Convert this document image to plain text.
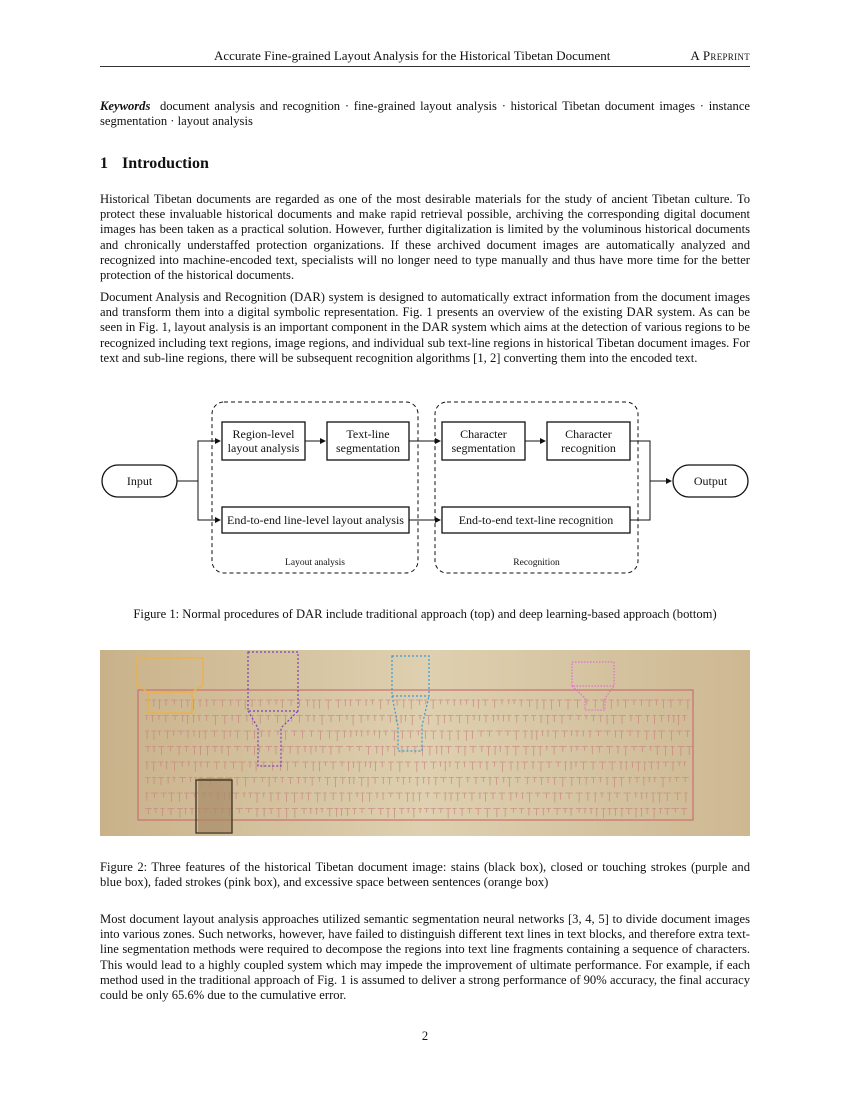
Accurate Fine-grained Layout Analysis for the Historical Tibetan Document	A Preprint

Keywords document analysis and recognition · fine-grained layout analysis · historical Tibetan document images · instance segmentation · layout analysis

1 Introduction

Historical Tibetan documents are regarded as one of the most desirable materials for the study of ancient Tibetan culture. To protect these invaluable historical documents and make rapid retrieval possible, archiving the corresponding digital document images has been taken as a practical solution. However, further digitalization is limited by the voluminous historical documents and chronically understaffed protection organizations. If these archived document images are automatically analyzed and recognized into machine-encoded text, specialists will no longer need to type manually and thus have more time for the better protection of the historical documents.

Document Analysis and Recognition (DAR) system is designed to automatically extract information from the document images and transform them into a digital symbolic representation. Fig. 1 presents an overview of the existing DAR system. As can be seen in Fig. 1, layout analysis is an important component in the DAR system which aims at the detection of various regions to be recognized including text regions, image regions, and individual sub text-line regions in historical Tibetan document images. For text and sub-line regions, there will be subsequent recognition algorithms [1, 2] converting them into the encoded text.

Input	Output
Region-level
layout analysis
Text-line
segmentation
Character
segmentation
Character
recognition
End-to-end line-level layout analysis	End-to-end text-line recognition
Layout analysis	Recognition
Figure 1: Normal procedures of DAR include traditional approach (top) and deep learning-based approach (bottom)
Figure 2: Three features of the historical Tibetan document image: stains (black box), closed or touching strokes (purple and blue box), faded strokes (pink box), and excessive space between sentences (orange box)

Most document layout analysis approaches utilized semantic segmentation neural networks [3, 4, 5] to divide document images into various zones. Such networks, however, have failed to distinguish different text lines in text blocks, and therefore extra text-line segmentation methods were required to decompose the regions into text line fragments containing a sequence of characters. This would lead to a highly coupled system which may impede the improvement of ultimate performance. For example, if each method used in the traditional approach of Fig. 1 is assumed to deliver a strong performance of 90% accuracy, the final accuracy could be only 65.6% due to the cumulative error.

2
